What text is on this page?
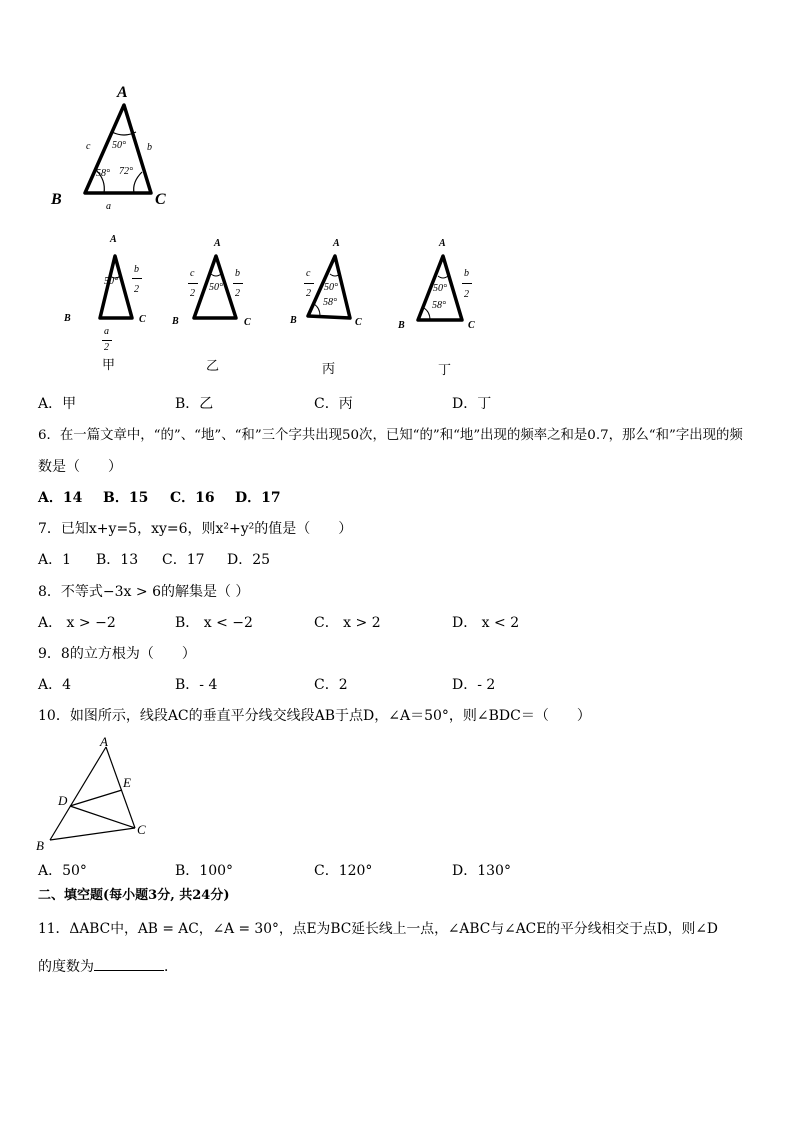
A
B	C
c	b
a
50°
58° 72°
A
B	C
50°
b
2
a
2
甲
A
B	C
50°
c
2
b
2
乙
A
B	C
50°
58°
c
2
丙
A
B	C
50°
58°
b
2
丁
A．甲	B．乙	C．丙	D．丁
6．在一篇文章中，“的”、“地”、“和”三个字共出现50次，已知“的”和“地”出现的频率之和是0.7，那么“和”字出现的频
数是（　　）
A．14 B．15 C．16 D．17
7．已知x+y=5，xy=6，则x²+y²的值是（　　）
A．1 B．13 C．17 D．25
8．不等式−3x > 6的解集是（ ）
A． x > −2	B． x < −2	C． x > 2	D． x < 2
9．8的立方根为（　　）
A．4	B．- 4	C．2	D．- 2
10．如图所示，线段AC的垂直平分线交线段AB于点D，∠A＝50°，则∠BDC＝（　　）
A
B
C
D
E
A．50°	B．100°	C．120°	D．130°
二、填空题(每小题3分, 共24分)
11．ΔABC中，AB = AC，∠A = 30°，点E为BC延长线上一点，∠ABC与∠ACE的平分线相交于点D，则∠D
的度数为	．
